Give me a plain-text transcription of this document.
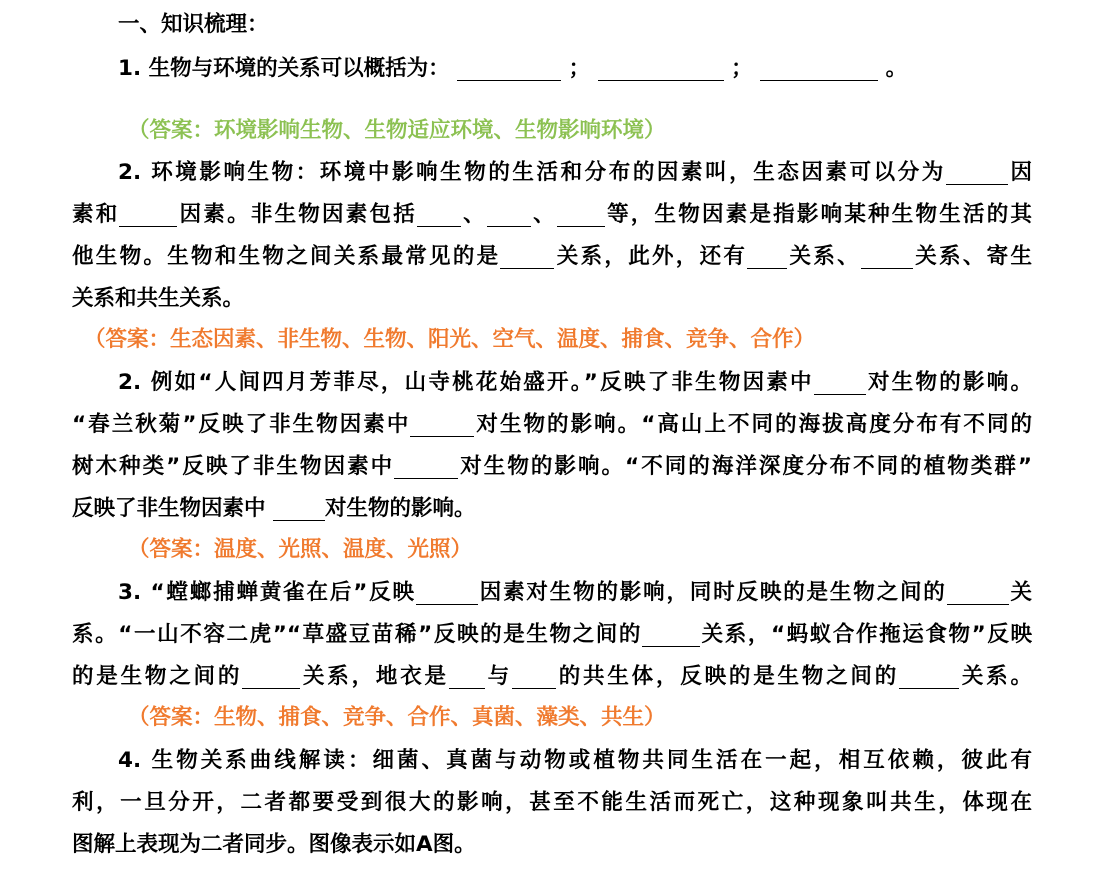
一、知识梳理：
1. 生物与环境的关系可以概括为：	；	；	。
（答案：环境影响生物、生物适应环境、生物影响环境）
2. 环境影响生物：环境中影响生物的生活和分布的因素叫，生态因素可以分为	因
素和	因素。非生物因素包括 、 、 等，生物因素是指影响某种生物生活的其
他生物。生物和生物之间关系最常见的是	关系，此外，还有 关系、 关系、寄生
关系和共生关系。
（答案：生态因素、非生物、生物、阳光、空气、温度、捕食、竞争、合作）
2. 例如“人间四月芳菲尽，山寺桃花始盛开。”反映了非生物因素中 对生物的影响。
“春兰秋菊”反映了非生物因素中	对生物的影响。“高山上不同的海拔高度分布有不同的
树木种类”反映了非生物因素中	对生物的影响。“不同的海洋深度分布不同的植物类群”
反映了非生物因素中	对生物的影响。
（答案：温度、光照、温度、光照）
3. “螳螂捕蝉黄雀在后”反映	因素对生物的影响，同时反映的是生物之间的	关
系。“一山不容二虎”“草盛豆苗稀”反映的是生物之间的	关系，“蚂蚁合作拖运食物”反映
的是生物之间的	关系，地衣是 与 的共生体，反映的是生物之间的	关系。
（答案：生物、捕食、竞争、合作、真菌、藻类、共生）
4. 生物关系曲线解读：细菌、真菌与动物或植物共同生活在一起，相互依赖，彼此有
利，一旦分开，二者都要受到很大的影响，甚至不能生活而死亡，这种现象叫共生，体现在
图解上表现为二者同步。图像表示如A图。
